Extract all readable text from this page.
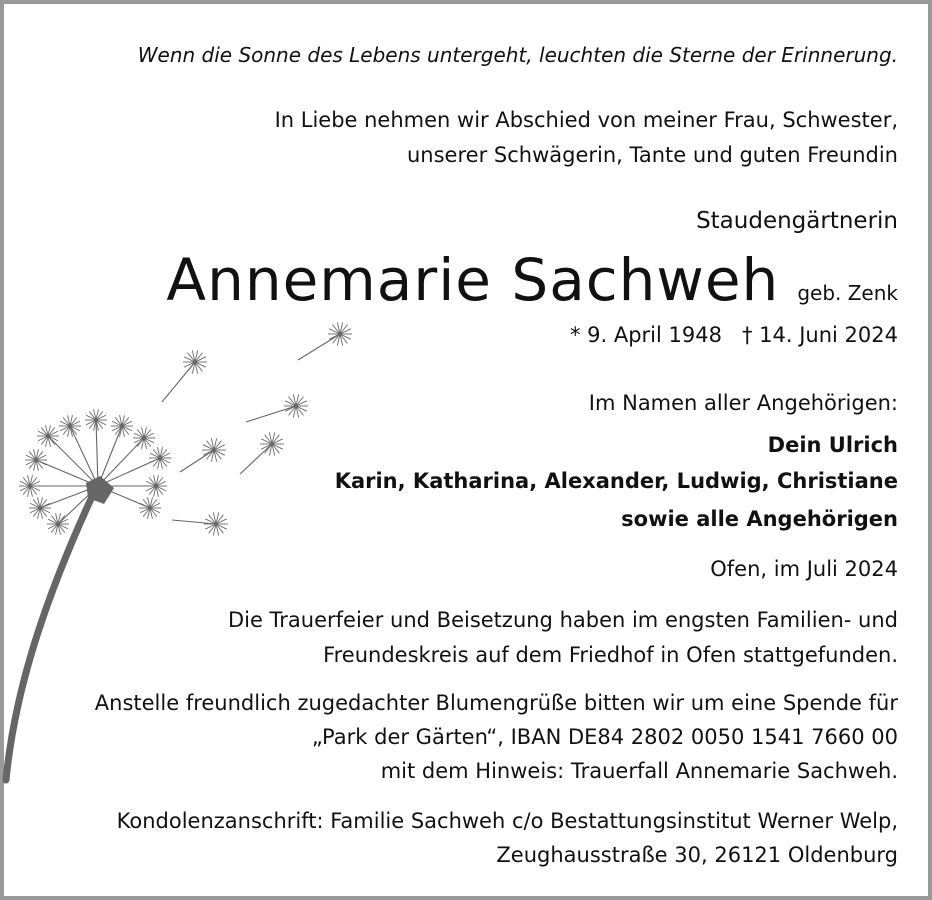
Wenn die Sonne des Lebens untergeht, leuchten die Sterne der Erinnerung.
In Liebe nehmen wir Abschied von meiner Frau, Schwester,
unserer Schwägerin, Tante und guten Freundin
Staudengärtnerin
Annemarie Sachweh geb. Zenk
* 9. April 1948   † 14. Juni 2024
Im Namen aller Angehörigen:
Dein Ulrich
Karin, Katharina, Alexander, Ludwig, Christiane
sowie alle Angehörigen
Ofen, im Juli 2024
Die Trauerfeier und Beisetzung haben im engsten Familien- und
Freundeskreis auf dem Friedhof in Ofen stattgefunden.
Anstelle freundlich zugedachter Blumengrüße bitten wir um eine Spende für
„Park der Gärten“, IBAN DE84 2802 0050 1541 7660 00
mit dem Hinweis: Trauerfall Annemarie Sachweh.
Kondolenzanschrift: Familie Sachweh c/o Bestattungsinstitut Werner Welp,
Zeughausstraße 30, 26121 Oldenburg
